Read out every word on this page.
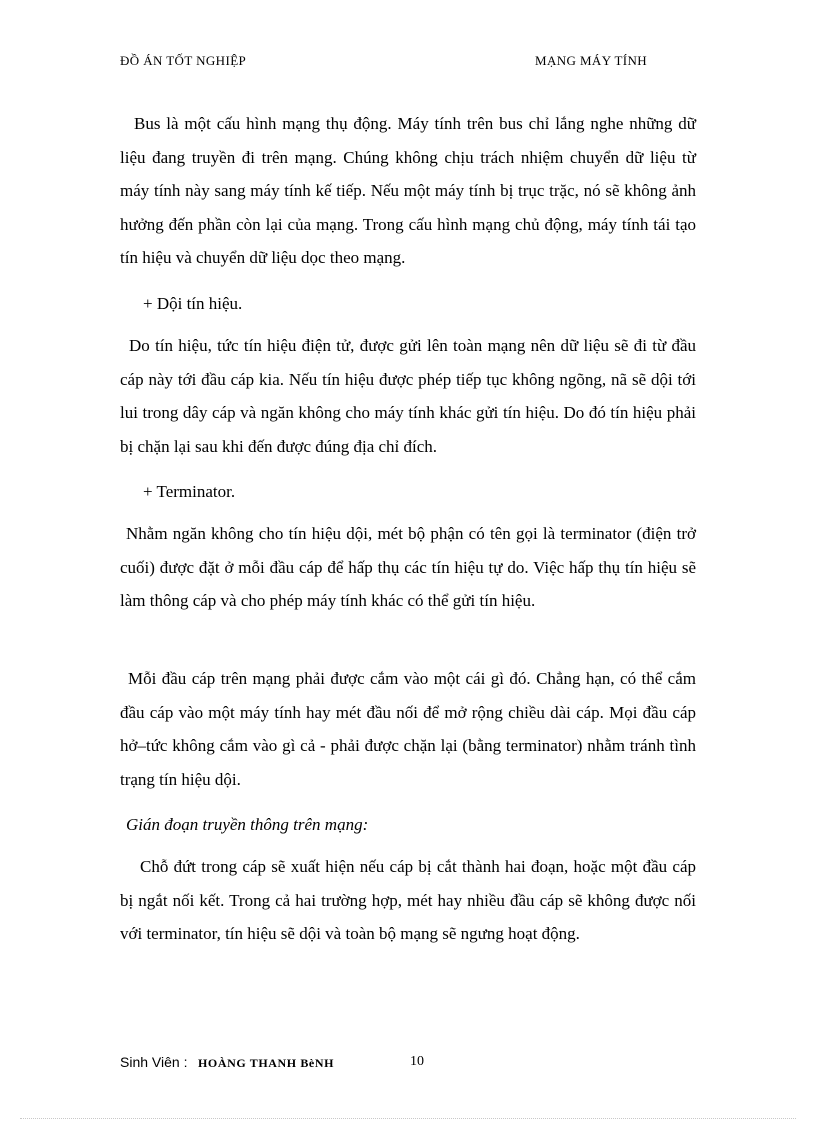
ĐỒ ÁN TỐT NGHIỆP	MẠNG MÁY TÍNH

Bus là một cấu hình mạng thụ động. Máy tính trên bus chỉ lắng nghe những dữ liệu đang truyền đi trên mạng. Chúng không chịu trách nhiệm chuyển dữ liệu từ máy tính này sang máy tính kế tiếp. Nếu một máy tính bị trục trặc, nó sẽ không ảnh hưởng đến phần còn lại của mạng. Trong cấu hình mạng chủ động, máy tính tái tạo tín hiệu và chuyển dữ liệu dọc theo mạng.

+ Dội tín hiệu.

Do tín hiệu, tức tín hiệu điện tử, được gửi lên toàn mạng nên dữ liệu sẽ đi từ đầu cáp này tới đầu cáp kia. Nếu tín hiệu được phép tiếp tục không ngõng, nã sẽ dội tới lui trong dây cáp và ngăn không cho máy tính khác gửi tín hiệu. Do đó tín hiệu phải bị chặn lại sau khi đến được đúng địa chỉ đích.

+ Terminator.

Nhằm ngăn không cho tín hiệu dội, mét bộ phận có tên gọi là terminator (điện trở cuối) được đặt ở mỗi đầu cáp để hấp thụ các tín hiệu tự do. Việc hấp thụ tín hiệu sẽ làm thông cáp và cho phép máy tính khác có thể gửi tín hiệu.

Mỗi đầu cáp trên mạng phải được cắm vào một cái gì đó. Chẳng hạn, có thể cắm đầu cáp vào một máy tính hay mét đầu nối để mở rộng chiều dài cáp. Mọi đầu cáp hở–tức không cắm vào gì cả - phải được chặn lại (bằng terminator) nhằm tránh tình trạng tín hiệu dội.

Gián đoạn truyền thông trên mạng:

Chỗ đứt trong cáp sẽ xuất hiện nếu cáp bị cắt thành hai đoạn, hoặc một đầu cáp bị ngắt nối kết. Trong cả hai trường hợp, mét hay nhiều đầu cáp sẽ không được nối với terminator, tín hiệu sẽ dội và toàn bộ mạng sẽ ngưng hoạt động.

Sinh Viên : HOÀNG THANH BèNH	10
